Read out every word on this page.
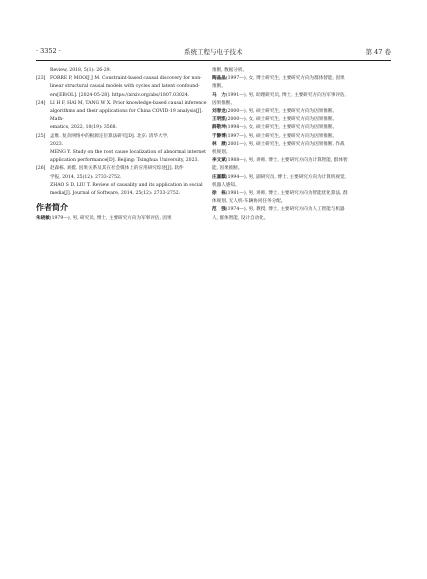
· 3352 ·	系统工程与电子技术	第 47 卷
Review, 2018, 5(1): 26-29.
[23] FORRE P, MOOIJ J M. Constraint-based causal discovery for non-
linear structural causal models with cycles and latent confound-
ers[EB/OL]. [2024-05-28]. https://arxiv.org/abs/1807.03024.
[24] LI H F, HAI M, TANG W X. Prior knowledge-based causal inference
algorithms and their applications for China COVID-19 analysis[J]. Math-
ematics, 2022, 10(19): 3568.
[25] 孟维. 复杂网络中的根源定位算法研究[D]. 北京: 清华大学,
2023.
MENG Y. Study on the root cause localization of abnormal internet
application performance[D]. Beijing: Tsinghua University, 2023.
[26] 赵森栋, 刘挺. 因果关系及其在社会媒体上的应用研究综述[J]. 软件
学报, 2014, 25(12): 2733-2752.
ZHAO S D, LIU T. Review of causality and its application in social
media[J]. Journal of Software, 2014, 25(12): 2733-2752.
作者简介
朱晓敏(1979—), 男, 研究员, 博士, 主要研究方向为军事评估, 因果
推断, 数据分析。
陶晶晶(1997—), 女, 博士研究生, 主要研究方向为群体智能, 因果
推断。
马　力(1991—), 男, 助理研究员, 博士, 主要研究方向为军事评估,
因果推断。
刘春龙(2000—), 男, 硕士研究生, 主要研究方向为因果推断。
王明凯(2000—), 女, 硕士研究生, 主要研究方向为因果推断。
薛敬坤(1998—), 女, 硕士研究生, 主要研究方向为因果推断。
于静博(1997—), 男, 硕士研究生, 主要研究方向为因果推断。
林　葳(2001—), 男, 硕士研究生, 主要研究方向为因果推断, 作战
机规划。
李文斌(1988—), 男, 讲师, 博士, 主要研究方向为计算智能, 群体智
能, 因果推断。
庄嘉麒(1994—), 男, 副研究员, 博士, 主要研究方向为计算机视觉,
机器人感知。
徐　栋(1981—), 男, 讲师, 博士, 主要研究方向为智能优化算法, 群
体规划, 无人机-车辆协同任务分配。
范　强(1974—), 男, 教授, 博士, 主要研究方向为人工智能与机器
人, 群体智能, 设计自动化。
